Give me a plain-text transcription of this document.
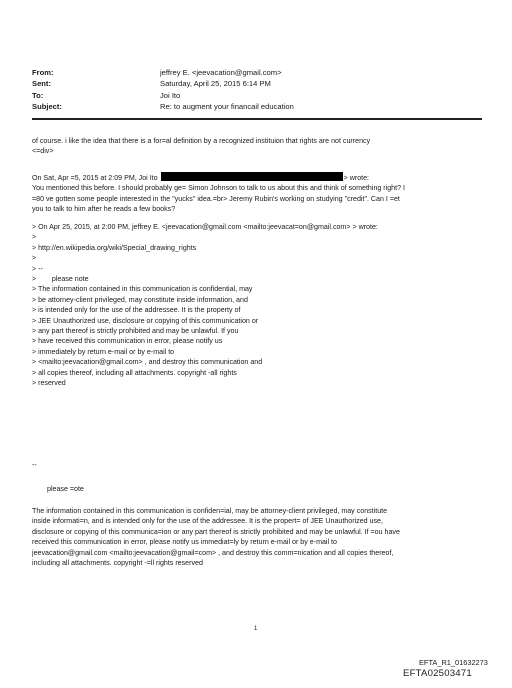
From:	jeffrey E. <jeevacation@gmail.com>
Sent:	Saturday, April 25, 2015 6:14 PM
To:	Joi Ito
Subject:	Re: to augment your financail education
of course. i like the idea that there is a for=al definition by a recognized instituion that rights are not currency
<=div>
On Sat, Apr =5, 2015 at 2:09 PM, Joi Ito	> wrote:
You mentioned this before. I should probably ge= Simon Johnson to talk to us about this and think of something right? I
=80 ve gotten some people interested in the "yucks" idea.=br> Jeremy Rubin's working on studying "credit". Can I =et
you to talk to him after he reads a few books?
> On Apr 25, 2015, at 2:00 PM, jeffrey E. <jeevacation@gmail.com <mailto:jeevacat=on@gmail.com> > wrote:
>
> http://en.wikipedia.org/wiki/Special_drawing_rights
>
> --
>        please note
> The information contained in this communication is confidential, may
> be attorney-client privileged, may constitute inside information, and
> is intended only for the use of the addressee. It is the property of
> JEE Unauthorized use, disclosure or copying of this communication or
> any part thereof is strictly prohibited and may be unlawful. If you
> have received this communication in error, please notify us
> immediately by return e-mail or by e-mail to
> <mailto:jeevacation@gmail.com> , and destroy this communication and
> all copies thereof, including all attachments. copyright -all rights
> reserved
--
please =ote
The information contained in this communication is confiden=ial, may be attorney-client privileged, may constitute
inside informati=n, and is intended only for the use of the addressee. It is the propert= of JEE Unauthorized use,
disclosure or copying of this communica=ion or any part thereof is strictly prohibited and may be unlawful. If =ou have
received this communication in error, please notify us immediat=ly by return e-mail or by e-mail to
jeevacation@gmail.com <mailto:jeevacation@gmail=com> , and destroy this comm=nication and all copies thereof,
including all attachments. copyright -=ll rights reserved
1
EFTA_R1_01632273
EFTA02503471
